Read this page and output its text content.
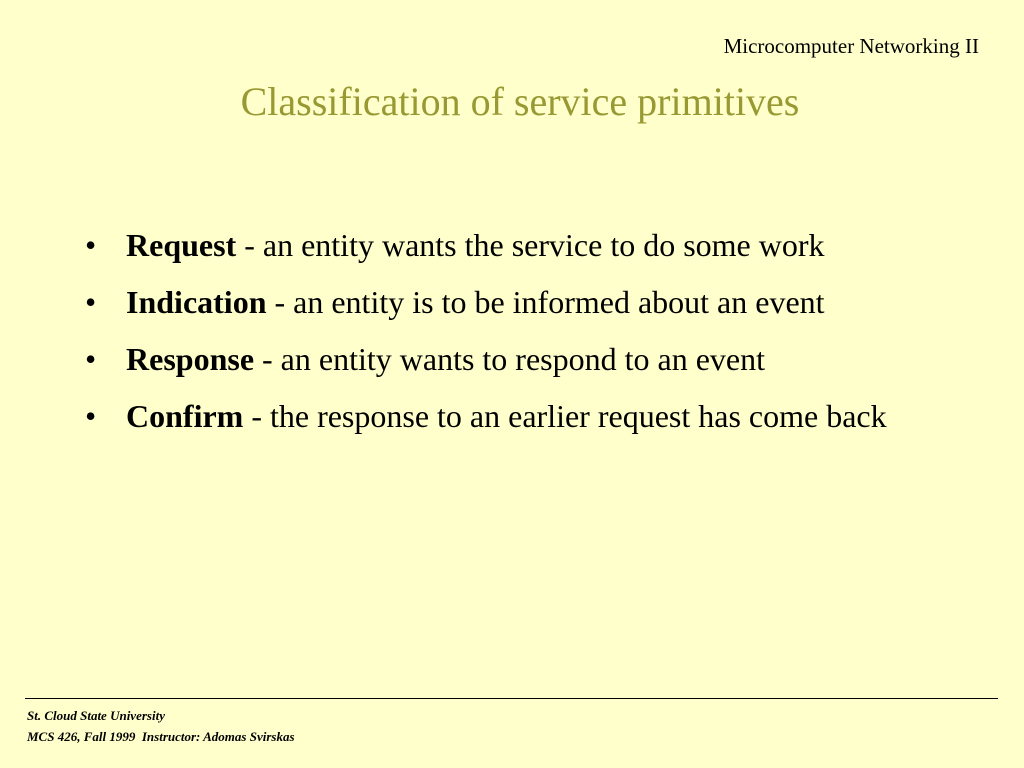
Microcomputer Networking II
Classification of service primitives
• Request - an entity wants the service to do some work
• Indication - an entity is to be informed about an event
• Response - an entity wants to respond to an event
• Confirm - the response to an earlier request has come back
St. Cloud State University
MCS 426, Fall 1999  Instructor: Adomas Svirskas
